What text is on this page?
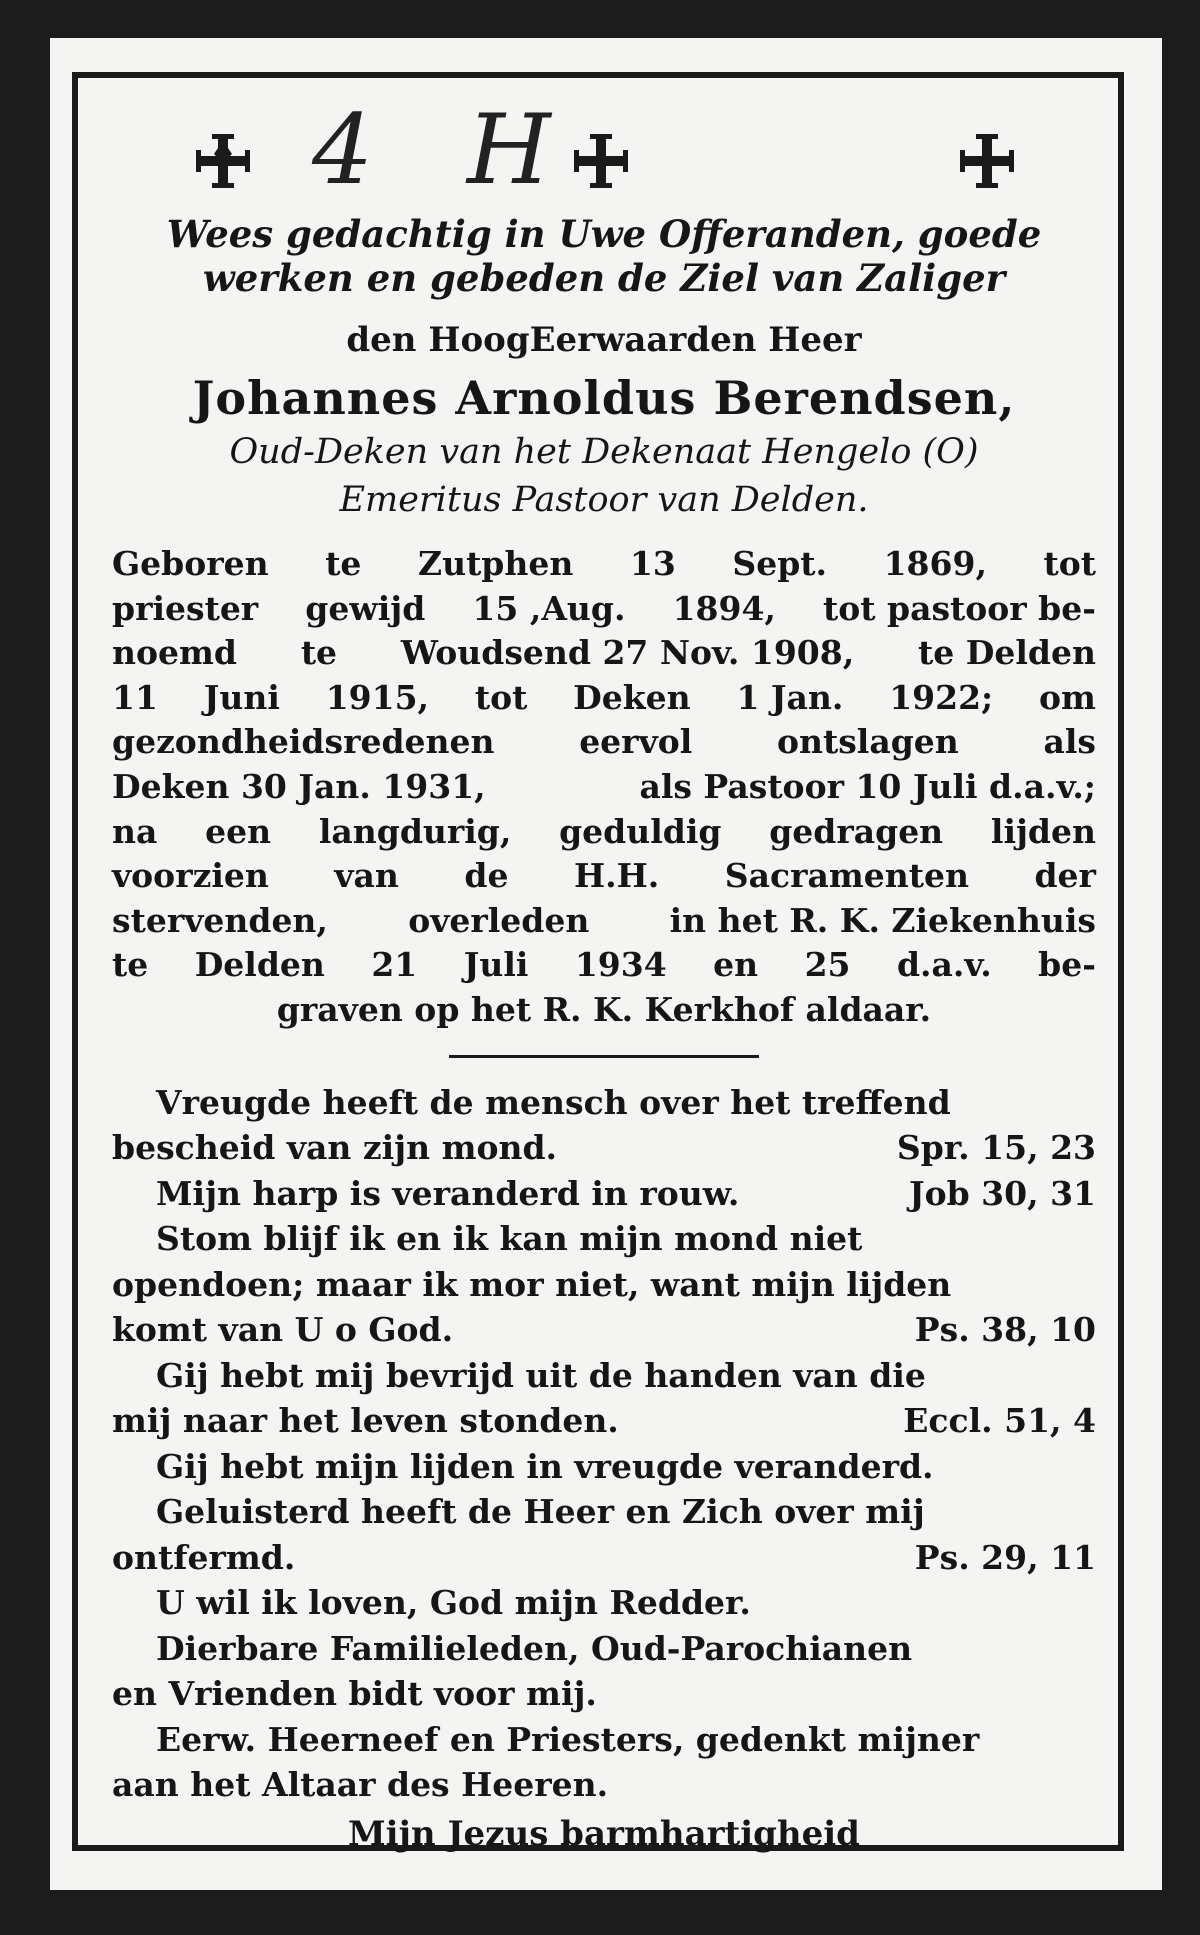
4 H

Wees gedachtig in Uwe Offeranden, goede

werken en gebeden de Ziel van Zaliger

den HoogEerwaarden Heer

Johannes Arnoldus Berendsen,

Oud-Deken van het Dekenaat Hengelo (O)

Emeritus Pastoor van Delden.

Geboren te Zutphen 13 Sept. 1869, tot
priester gewijd 15 ,Aug. 1894, tot pastoor be-
noemd te Woudsend 27 Nov. 1908, te Delden
11 Juni 1915, tot Deken 1 Jan. 1922; om
gezondheidsredenen	eervol	ontslagen	als
Deken 30 Jan. 1931,	als Pastoor 10 Juli d.a.v.;
na een langdurig, geduldig gedragen lijden
voorzien van de H.H. Sacramenten der
stervenden, overleden in het R. K. Ziekenhuis
te Delden 21 Juli 1934 en 25 d.a.v. be-
graven op het R. K. Kerkhof aldaar.
Vreugde heeft de mensch over het treffend
bescheid van zijn mond.	Spr. 15, 23
Mijn harp is veranderd in rouw.	Job 30, 31
Stom blijf ik en ik kan mijn mond niet
opendoen; maar ik mor niet, want mijn lijden
komt van U o God.	Ps. 38, 10
Gij hebt mij bevrijd uit de handen van die
mij naar het leven stonden.	Eccl. 51, 4
Gij hebt mijn lijden in vreugde veranderd.
Geluisterd heeft de Heer en Zich over mij
ontfermd.	Ps. 29, 11
U wil ik loven, God mijn Redder.
Dierbare Familieleden, Oud-Parochianen
en Vrienden bidt voor mij.
Eerw. Heerneef en Priesters, gedenkt mijner
aan het Altaar des Heeren.
Mijn Jezus barmhartigheid
